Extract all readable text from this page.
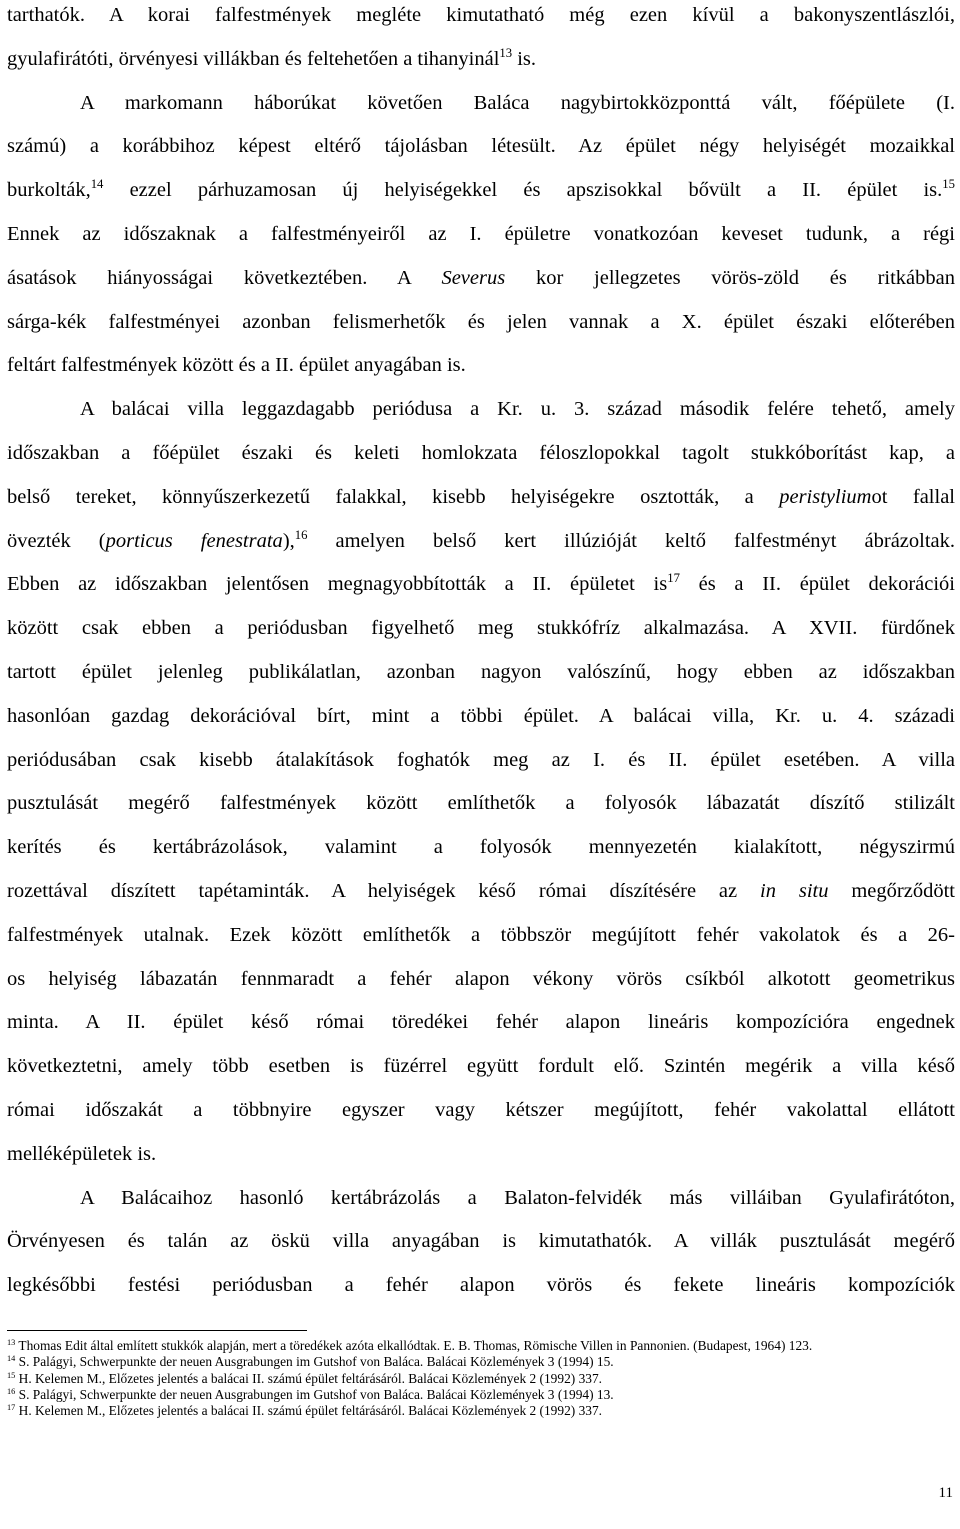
tarthatók. A korai falfestmények megléte kimutatható még ezen kívül a bakonyszentlászlói,
gyulafirátóti, örvényesi villákban és feltehetően a tihanyinál$^{13}$ is.
A markomann háborúkat követően Baláca nagybirtokközponttá vált, főépülete (I.
számú) a korábbihoz képest eltérő tájolásban létesült. Az épület négy helyiségét mozaikkal
burkolták,$^{14}$ ezzel párhuzamosan új helyiségekkel és apszisokkal bővült a II. épület is.$^{15}$
Ennek az időszaknak a falfestményeiről az I. épületre vonatkozóan keveset tudunk, a régi
ásatások hiányosságai következtében. A Severus kor jellegzetes vörös-zöld és ritkábban
sárga-kék falfestményei azonban felismerhetők és jelen vannak a X. épület északi előterében
feltárt falfestmények között és a II. épület anyagában is.
A balácai villa leggazdagabb periódusa a Kr. u. 3. század második felére tehető, amely
időszakban a főépület északi és keleti homlokzata féloszlopokkal tagolt stukkóborítást kap, a
belső tereket, könnyűszerkezetű falakkal, kisebb helyiségekre osztották, a peristyliumot fallal
övezték (porticus fenestrata),$^{16}$ amelyen belső kert illúzióját keltő falfestményt ábrázoltak.
Ebben az időszakban jelentősen megnagyobbították a II. épületet $is^{17}$ és a II. épület dekorációi
között csak ebben a periódusban figyelhető meg stukkófríz alkalmazása. A XVII. fürdőnek
tartott épület jelenleg publikálatlan, azonban nagyon valószínű, hogy ebben az időszakban
hasonlóan gazdag dekorációval bírt, mint a többi épület. A balácai villa, Kr. u. 4. századi
periódusában csak kisebb átalakítások foghatók meg az I. és II. épület esetében. A villa
pusztulását megérő falfestmények között említhetők a folyosók lábazatát díszítő stilizált
kerítés és kertábrázolások, valamint a folyosók mennyezetén kialakított, négyszirmú
rozettával díszített tapétaminták. A helyiségek késő római díszítésére az in situ megőrződött
falfestmények utalnak. Ezek között említhetők a többször megújított fehér vakolatok és a 26-
os helyiség lábazatán fennmaradt a fehér alapon vékony vörös csíkból alkotott geometrikus
minta. A II. épület késő római töredékei fehér alapon lineáris kompozícióra engednek
következtetni, amely több esetben is füzérrel együtt fordult elő. Szintén megérik a villa késő
római időszakát a többnyire egyszer vagy kétszer megújított, fehér vakolattal ellátott
melléképületek is.
A Balácaihoz hasonló kertábrázolás a Balaton-felvidék más villáiban Gyulafirátóton,
Örvényesen és talán az öskü villa anyagában is kimutathatók. A villák pusztulását megérő
legkésőbbi festési periódusban a fehér alapon vörös és fekete lineáris kompozíciók
$^{13}$ Thomas Edit által említett stukkók alapján, mert a töredékek azóta elkallódtak. E. B. Thomas, Römische Villen in Pannonien. (Budapest, 1964) 123.
$^{14}$ S. Palágyi, Schwerpunkte der neuen Ausgrabungen im Gutshof von Baláca. Balácai Közlemények 3 (1994) 15.
$^{15}$ H. Kelemen M., Előzetes jelentés a balácai II. számú épület feltárásáról. Balácai Közlemények 2 (1992) 337.
$^{16}$ S. Palágyi, Schwerpunkte der neuen Ausgrabungen im Gutshof von Baláca. Balácai Közlemények 3 (1994) 13.
$^{17}$ H. Kelemen M., Előzetes jelentés a balácai II. számú épület feltárásáról. Balácai Közlemények 2 (1992) 337.
11
